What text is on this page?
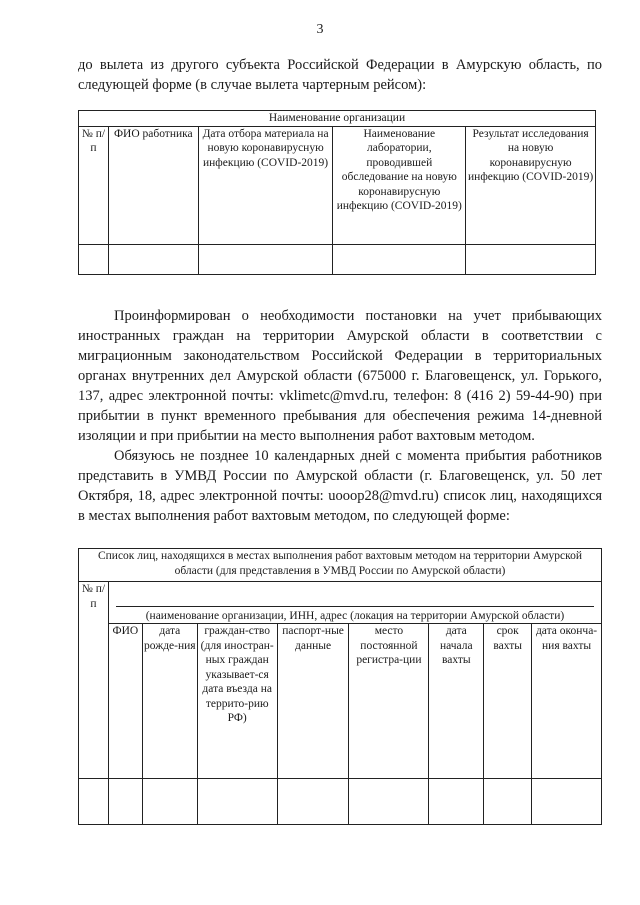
3
до вылета из другого субъекта Российской Федерации в Амурскую область, по следующей форме (в случае вылета чартерным рейсом):
Наименование организации				
№ п/п	ФИО работника	Дата отбора материала на новую коронавирусную инфекцию (COVID-2019)	Наименование лаборатории, проводившей обследование на новую коронавирусную инфекцию (COVID-2019)	Результат исследования на новую коронавирусную инфекцию (COVID-2019)

Проинформирован о необходимости постановки на учет прибывающих иностранных граждан на территории Амурской области в соответствии с миграционным законодательством Российской Федерации в территориальных органах внутренних дел Амурской области (675000 г. Благовещенск, ул. Горького, 137, адрес электронной почты: vklimetc@mvd.ru, телефон: 8 (416 2) 59-44-90) при прибытии в пункт временного пребывания для обеспечения режима 14-дневной изоляции и при прибытии на место выполнения работ вахтовым методом.
Обязуюсь не позднее 10 календарных дней с момента прибытия работников представить в УМВД России по Амурской области (г. Благовещенск, ул. 50 лет Октября, 18, адрес электронной почты: uooop28@mvd.ru) список лиц, находящихся в местах выполнения работ вахтовым методом, по следующей форме:
Список лиц, находящихся в местах выполнения работ вахтовым методом на территории Амурской области (для представления в УМВД России по Амурской области)								
№ п/ п	(наименование организации, ИНН, адрес (локация на территории Амурской области)							
	ФИО	дата рожде-ния	граждан-ство (для иностран-ных граждан указывает-ся дата въезда на террито-рию РФ)	паспорт-ные данные	место постоянной регистра-ции	дата начала вахты	срок вахты	дата оконча-ния вахты
